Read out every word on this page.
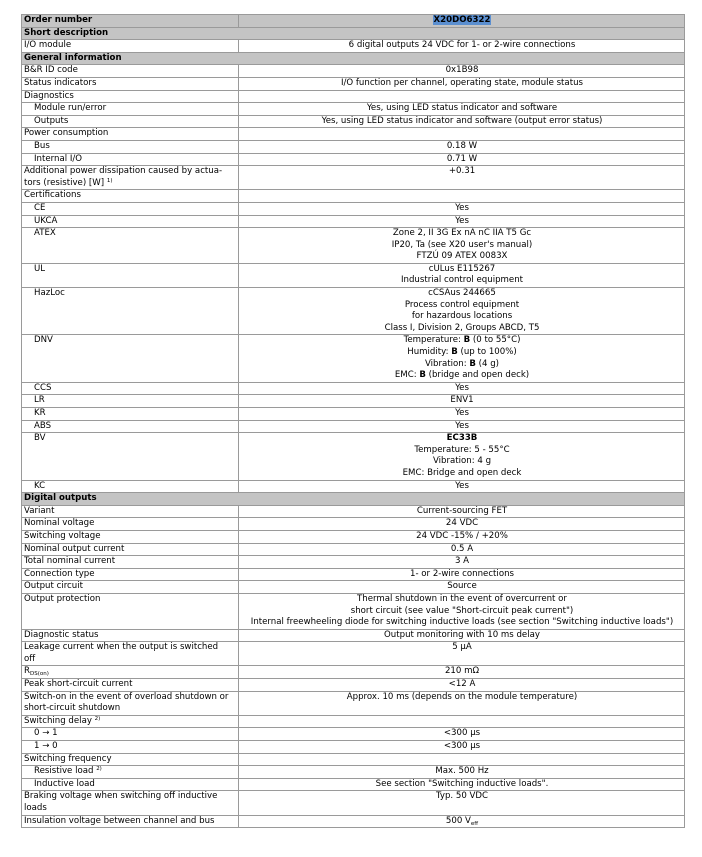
Order number	X20DO6322
Short description	
I/O module	6 digital outputs 24 VDC for 1- or 2-wire connections
General information	
B&R ID code	0x1B98
Status indicators	I/O function per channel, operating state, module status
Diagnostics	
Module run/error	Yes, using LED status indicator and software
Outputs	Yes, using LED status indicator and software (output error status)
Power consumption	
Bus	0.18 W
Internal I/O	0.71 W

Additional power dissipation caused by actua-
tors (resistive) [W] $^{1)}$	+0.31
Certifications	
CE	Yes
UKCA	Yes
ATEX	Zone 2, II 3G Ex nA nC IIA T5 Gc
IP20, Ta (see X20 user's manual)
FTZÚ 09 ATEX 0083X

UL	cULus E115267
Industrial control equipment

HazLoc	cCSAus 244665
Process control equipment
for hazardous locations
Class I, Division 2, Groups ABCD, T5

DNV	Temperature: B (0 to 55°C)
Humidity: B (up to 100%)
Vibration: B (4 g)
EMC: B (bridge and open deck)

CCS	Yes
LR	ENV1
KR	Yes
ABS	Yes
BV	EC33B
Temperature: 5 - 55°C
Vibration: 4 g
EMC: Bridge and open deck

KC	Yes
Digital outputs	
Variant	Current-sourcing FET
Nominal voltage	24 VDC
Switching voltage	24 VDC -15% / +20%
Nominal output current	0.5 A
Total nominal current	3 A
Connection type	1- or 2-wire connections
Output circuit	Source
Output protection	Thermal shutdown in the event of overcurrent or
short circuit (see value "Short-circuit peak current")
Internal freewheeling diode for switching inductive loads (see section "Switching inductive loads")

Diagnostic status	Output monitoring with 10 ms delay

Leakage current when the output is switched
off	5 µA
$R_{DS(on)}$	210 mΩ
Peak short-circuit current	<12 A

Switch-on in the event of overload shutdown or
short-circuit shutdown	Approx. 10 ms (depends on the module temperature)
Switching delay $^{2)}$	
0 → 1	<300 µs
1 → 0	<300 µs
Switching frequency	
Resistive load $^{2)}$	Max. 500 Hz
Inductive load	See section "Switching inductive loads".

Braking voltage when switching off inductive
loads	Typ. 50 VDC
Insulation voltage between channel and bus	500 $V_{eff}$
